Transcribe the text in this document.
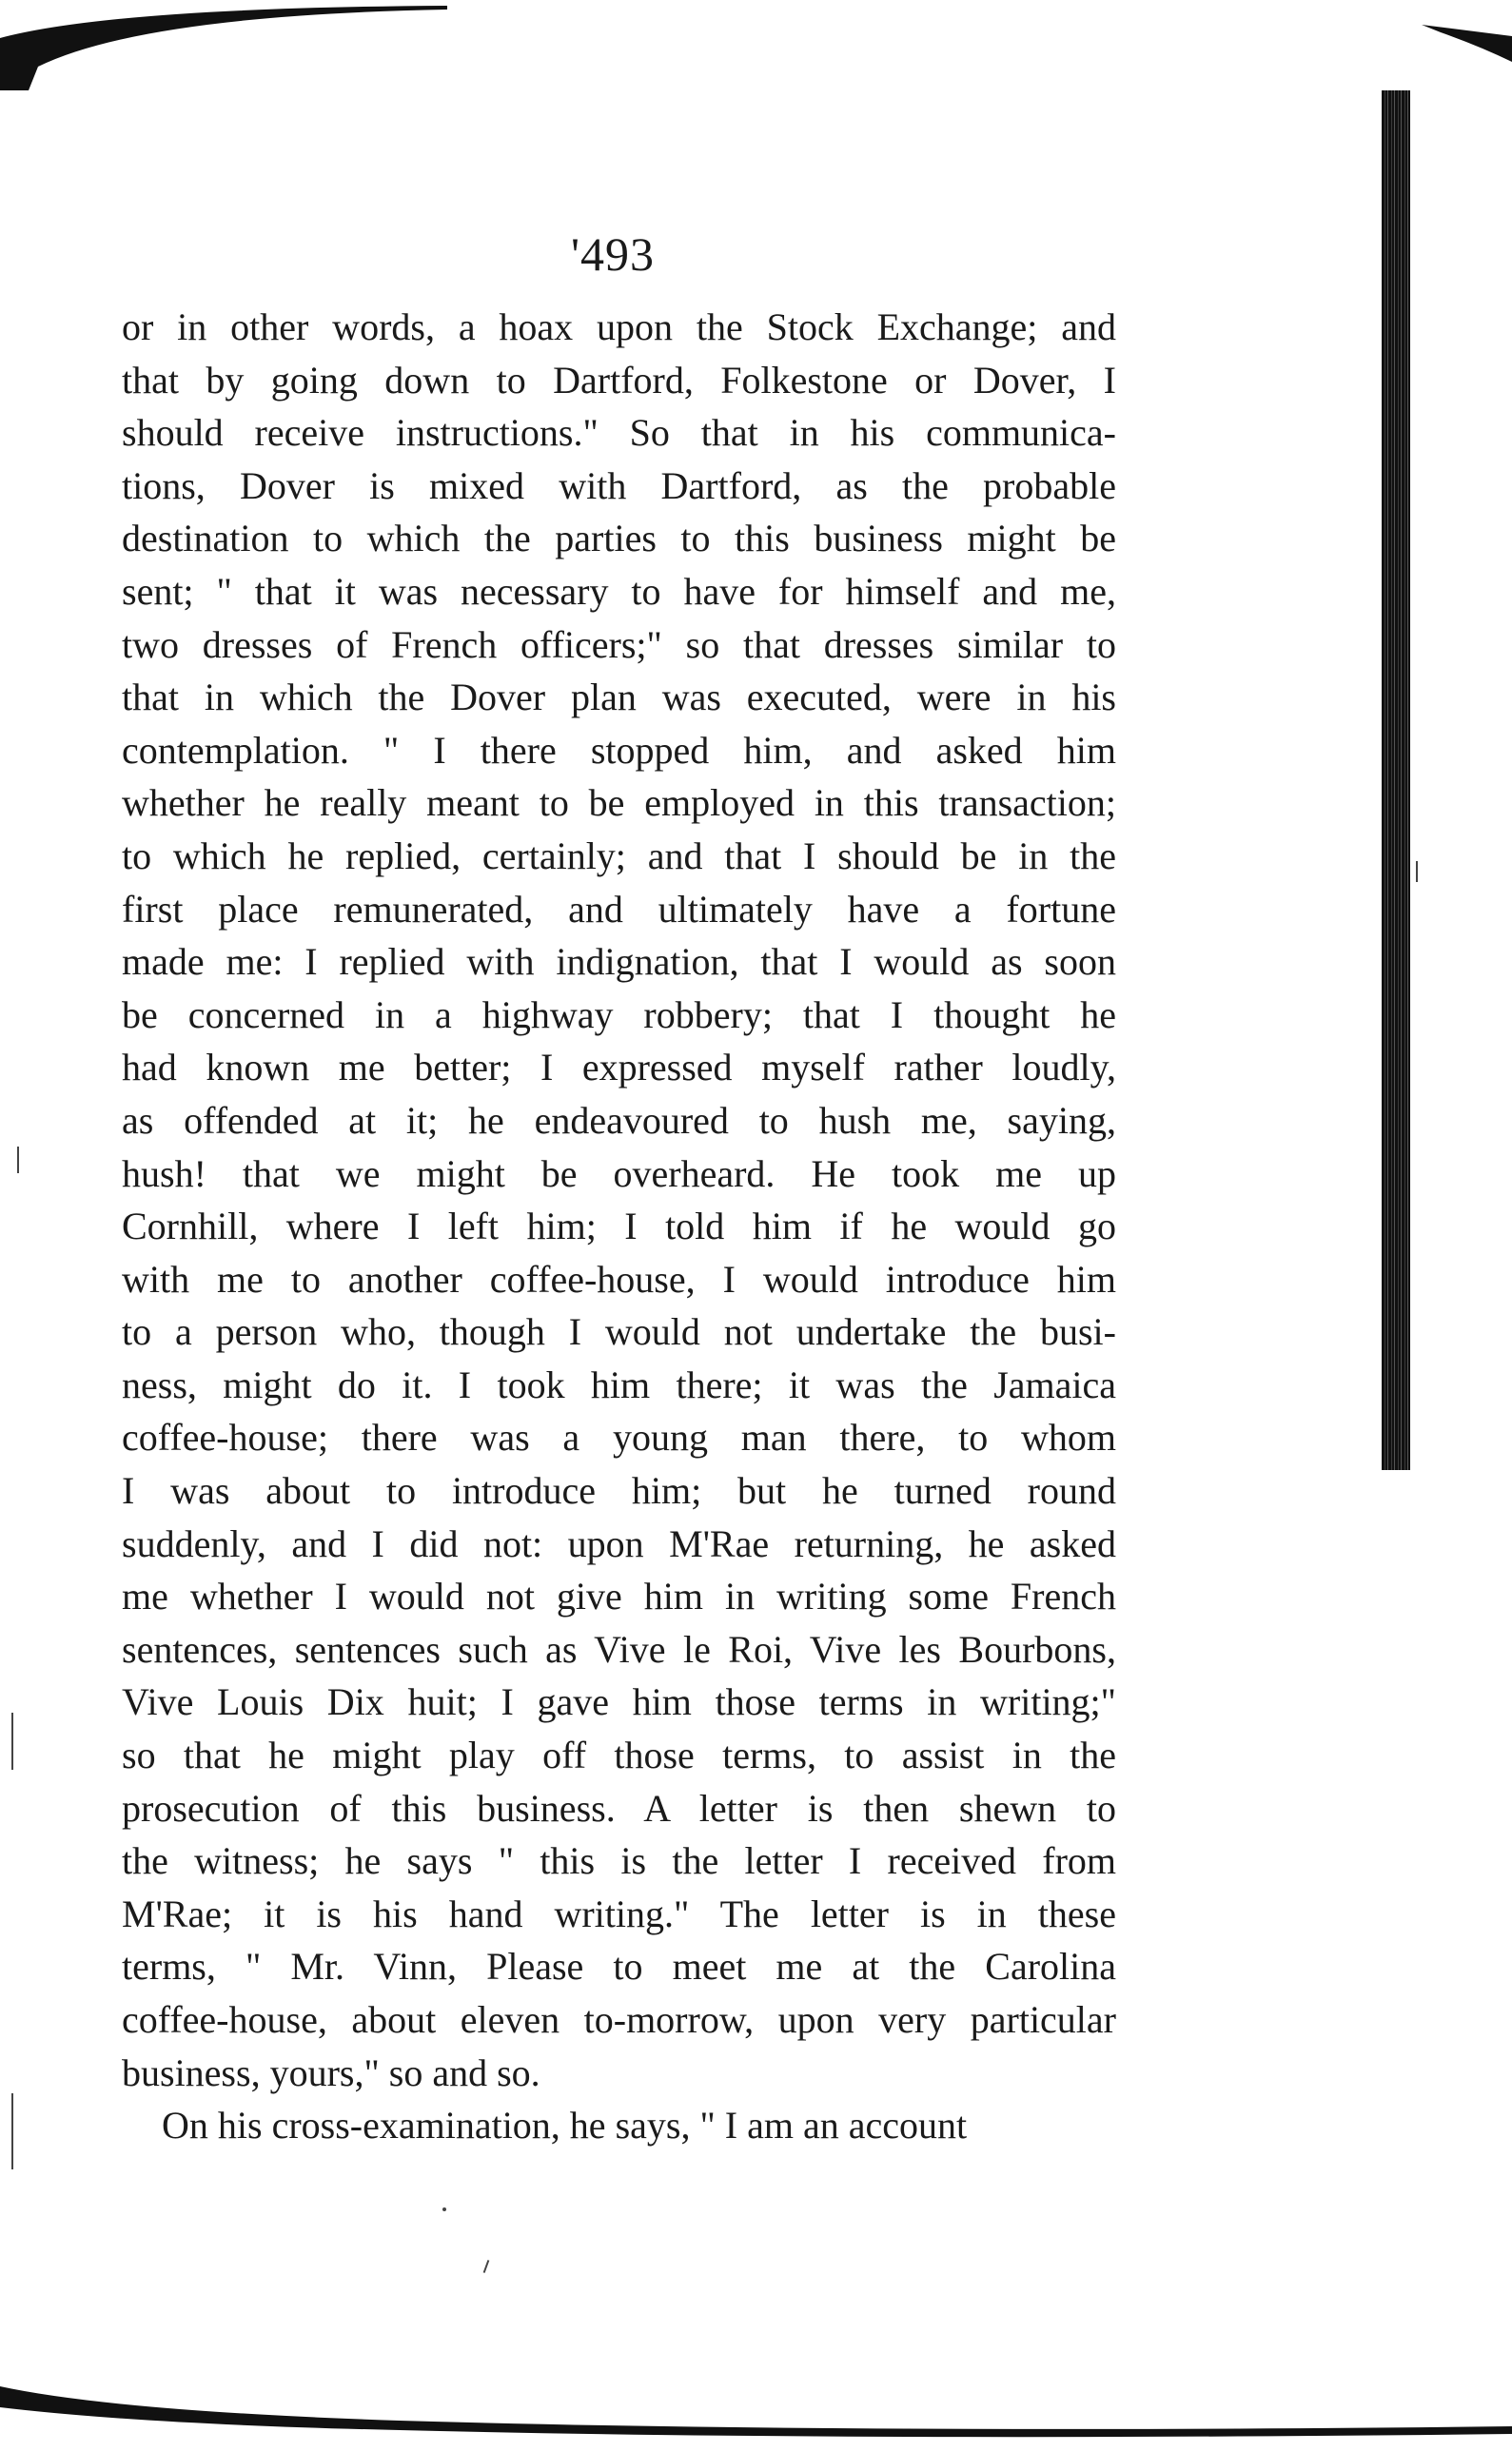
'493
or in other words, a hoax upon the Stock Exchange; and
that by going down to Dartford, Folkestone or Dover, I
should receive instructions." So that in his communica-
tions, Dover is mixed with Dartford, as the probable
destination to which the parties to this business might be
sent; " that it was necessary to have for himself and me,
two dresses of French officers;" so that dresses similar to
that in which the Dover plan was executed, were in his
contemplation. " I there stopped him, and asked him
whether he really meant to be employed in this transaction;
to which he replied, certainly; and that I should be in the
first place remunerated, and ultimately have a fortune
made me: I replied with indignation, that I would as soon
be concerned in a highway robbery; that I thought he
had known me better; I expressed myself rather loudly,
as offended at it; he endeavoured to hush me, saying,
hush! that we might be overheard. He took me up
Cornhill, where I left him; I told him if he would go
with me to another coffee-house, I would introduce him
to a person who, though I would not undertake the busi-
ness, might do it. I took him there; it was the Jamaica
coffee-house; there was a young man there, to whom
I was about to introduce him; but he turned round
suddenly, and I did not: upon M'Rae returning, he asked
me whether I would not give him in writing some French
sentences, sentences such as Vive le Roi, Vive les Bourbons,
Vive Louis Dix huit; I gave him those terms in writing;"
so that he might play off those terms, to assist in the
prosecution of this business. A letter is then shewn to
the witness; he says " this is the letter I received from
M'Rae; it is his hand writing." The letter is in these
terms, " Mr. Vinn, Please to meet me at the Carolina
coffee-house, about eleven to-morrow, upon very particular
business, yours," so and so.
On his cross-examination, he says, " I am an account
